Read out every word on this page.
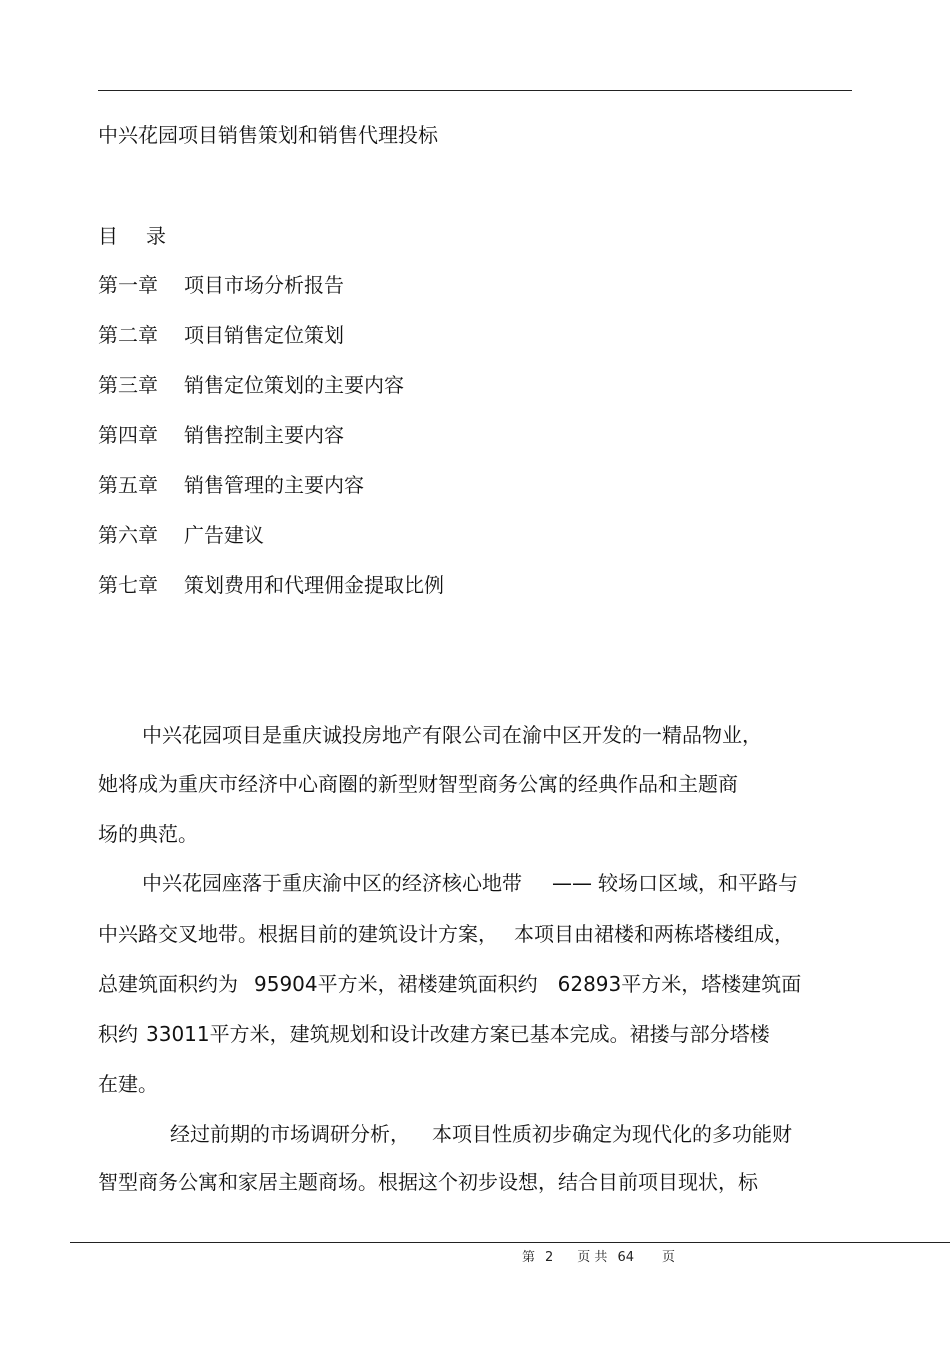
中兴花园项目销售策划和销售代理投标
目 录
第一章 项目市场分析报告
第二章 项目销售定位策划
第三章 销售定位策划的主要内容
第四章 销售控制主要内容
第五章 销售管理的主要内容
第六章 广告建议
第七章 策划费用和代理佣金提取比例
中兴花园项目是重庆诚投房地产有限公司在渝中区开发的一精品物业，
她将成为重庆市经济中心商圈的新型财智型商务公寓的经典作品和主题商
场的典范。
中兴花园座落于重庆渝中区的经济核心地带 —— 较场口区域，和平路与
中兴路交叉地带。根据目前的建筑设计方案， 本项目由裙楼和两栋塔楼组成，
总建筑面积约为 95904平方米，裙楼建筑面积约 62893平方米，塔楼建筑面
积约 33011平方米，建筑规划和设计改建方案已基本完成。裙搂与部分塔楼
在建。
经过前期的市场调研分析， 本项目性质初步确定为现代化的多功能财
智型商务公寓和家居主题商场。根据这个初步设想，结合目前项目现状，标
第 2 页 共 64 页
